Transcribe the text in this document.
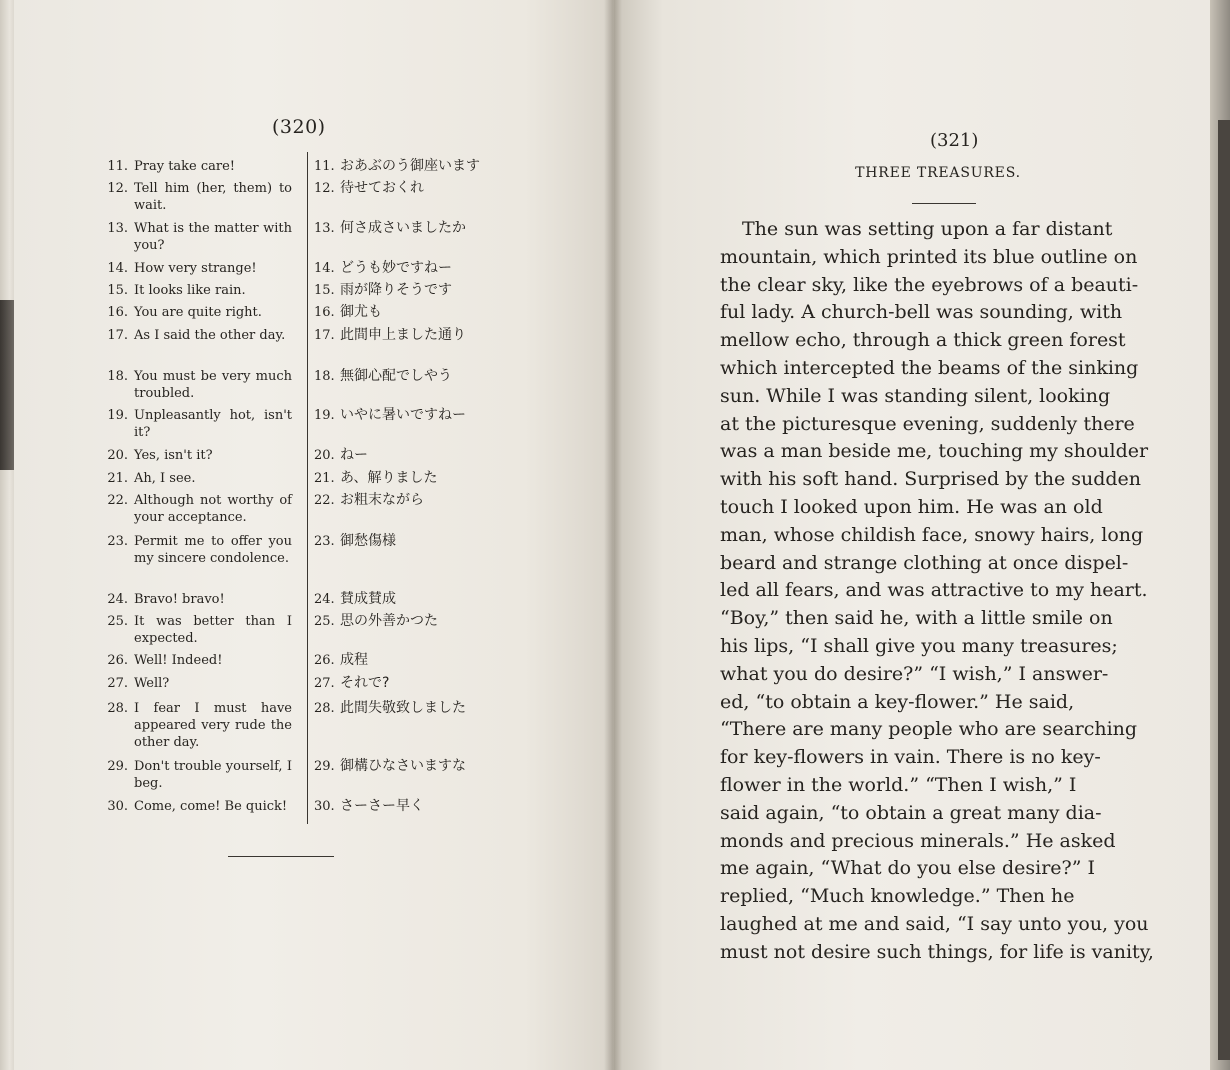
(320)
11. Pray take care!	11. おあぶのう御座います
12. Tell him (her, them) to wait.
12. 待せておくれ
13. What is the matter with you?
13. 何さ成さいましたか
14. How very strange!	14. どうも妙ですねー
15. It looks like rain.	15. 雨が降りそうです
16. You are quite right.	16. 御尤も
17. As I said the other day.	17. 此間申上ました通り
18. You must be very much troubled.
18. 無御心配でしやう
19. Unpleasantly hot, isn't it?
19. いやに暑いですねー
20. Yes, isn't it?	20. ねー
21. Ah, I see.	21. あ、解りました
22. Although not worthy of your acceptance.
22. お粗末ながら
23. Permit me to offer you my sincere condolence.
23. 御愁傷様
24. Bravo! bravo!	24. 賛成賛成
25. It was better than I expected.
25. 思の外善かつた
26. Well! Indeed!	26. 成程
27. Well?	27. それで?
28. I fear I must have appeared very rude the other day.
28. 此間失敬致しました
29. Don't trouble yourself, I beg.
29. 御構ひなさいますな
30. Come, come! Be quick!	30. さーさー早く
(321)
THREE TREASURES.
The sun was setting upon a far distant
mountain, which printed its blue outline on
the clear sky, like the eyebrows of a beauti-
ful lady. A church-bell was sounding, with
mellow echo, through a thick green forest
which intercepted the beams of the sinking
sun. While I was standing silent, looking
at the picturesque evening, suddenly there
was a man beside me, touching my shoulder
with his soft hand. Surprised by the sudden
touch I looked upon him. He was an old
man, whose childish face, snowy hairs, long
beard and strange clothing at once dispel-
led all fears, and was attractive to my heart.
“Boy,” then said he, with a little smile on
his lips, “I shall give you many treasures;
what you do desire?” “I wish,” I answer-
ed, “to obtain a key-flower.” He said,
“There are many people who are searching
for key-flowers in vain. There is no key-
flower in the world.” “Then I wish,” I
said again, “to obtain a great many dia-
monds and precious minerals.” He asked
me again, “What do you else desire?” I
replied, “Much knowledge.” Then he
laughed at me and said, “I say unto you, you
must not desire such things, for life is vanity,
